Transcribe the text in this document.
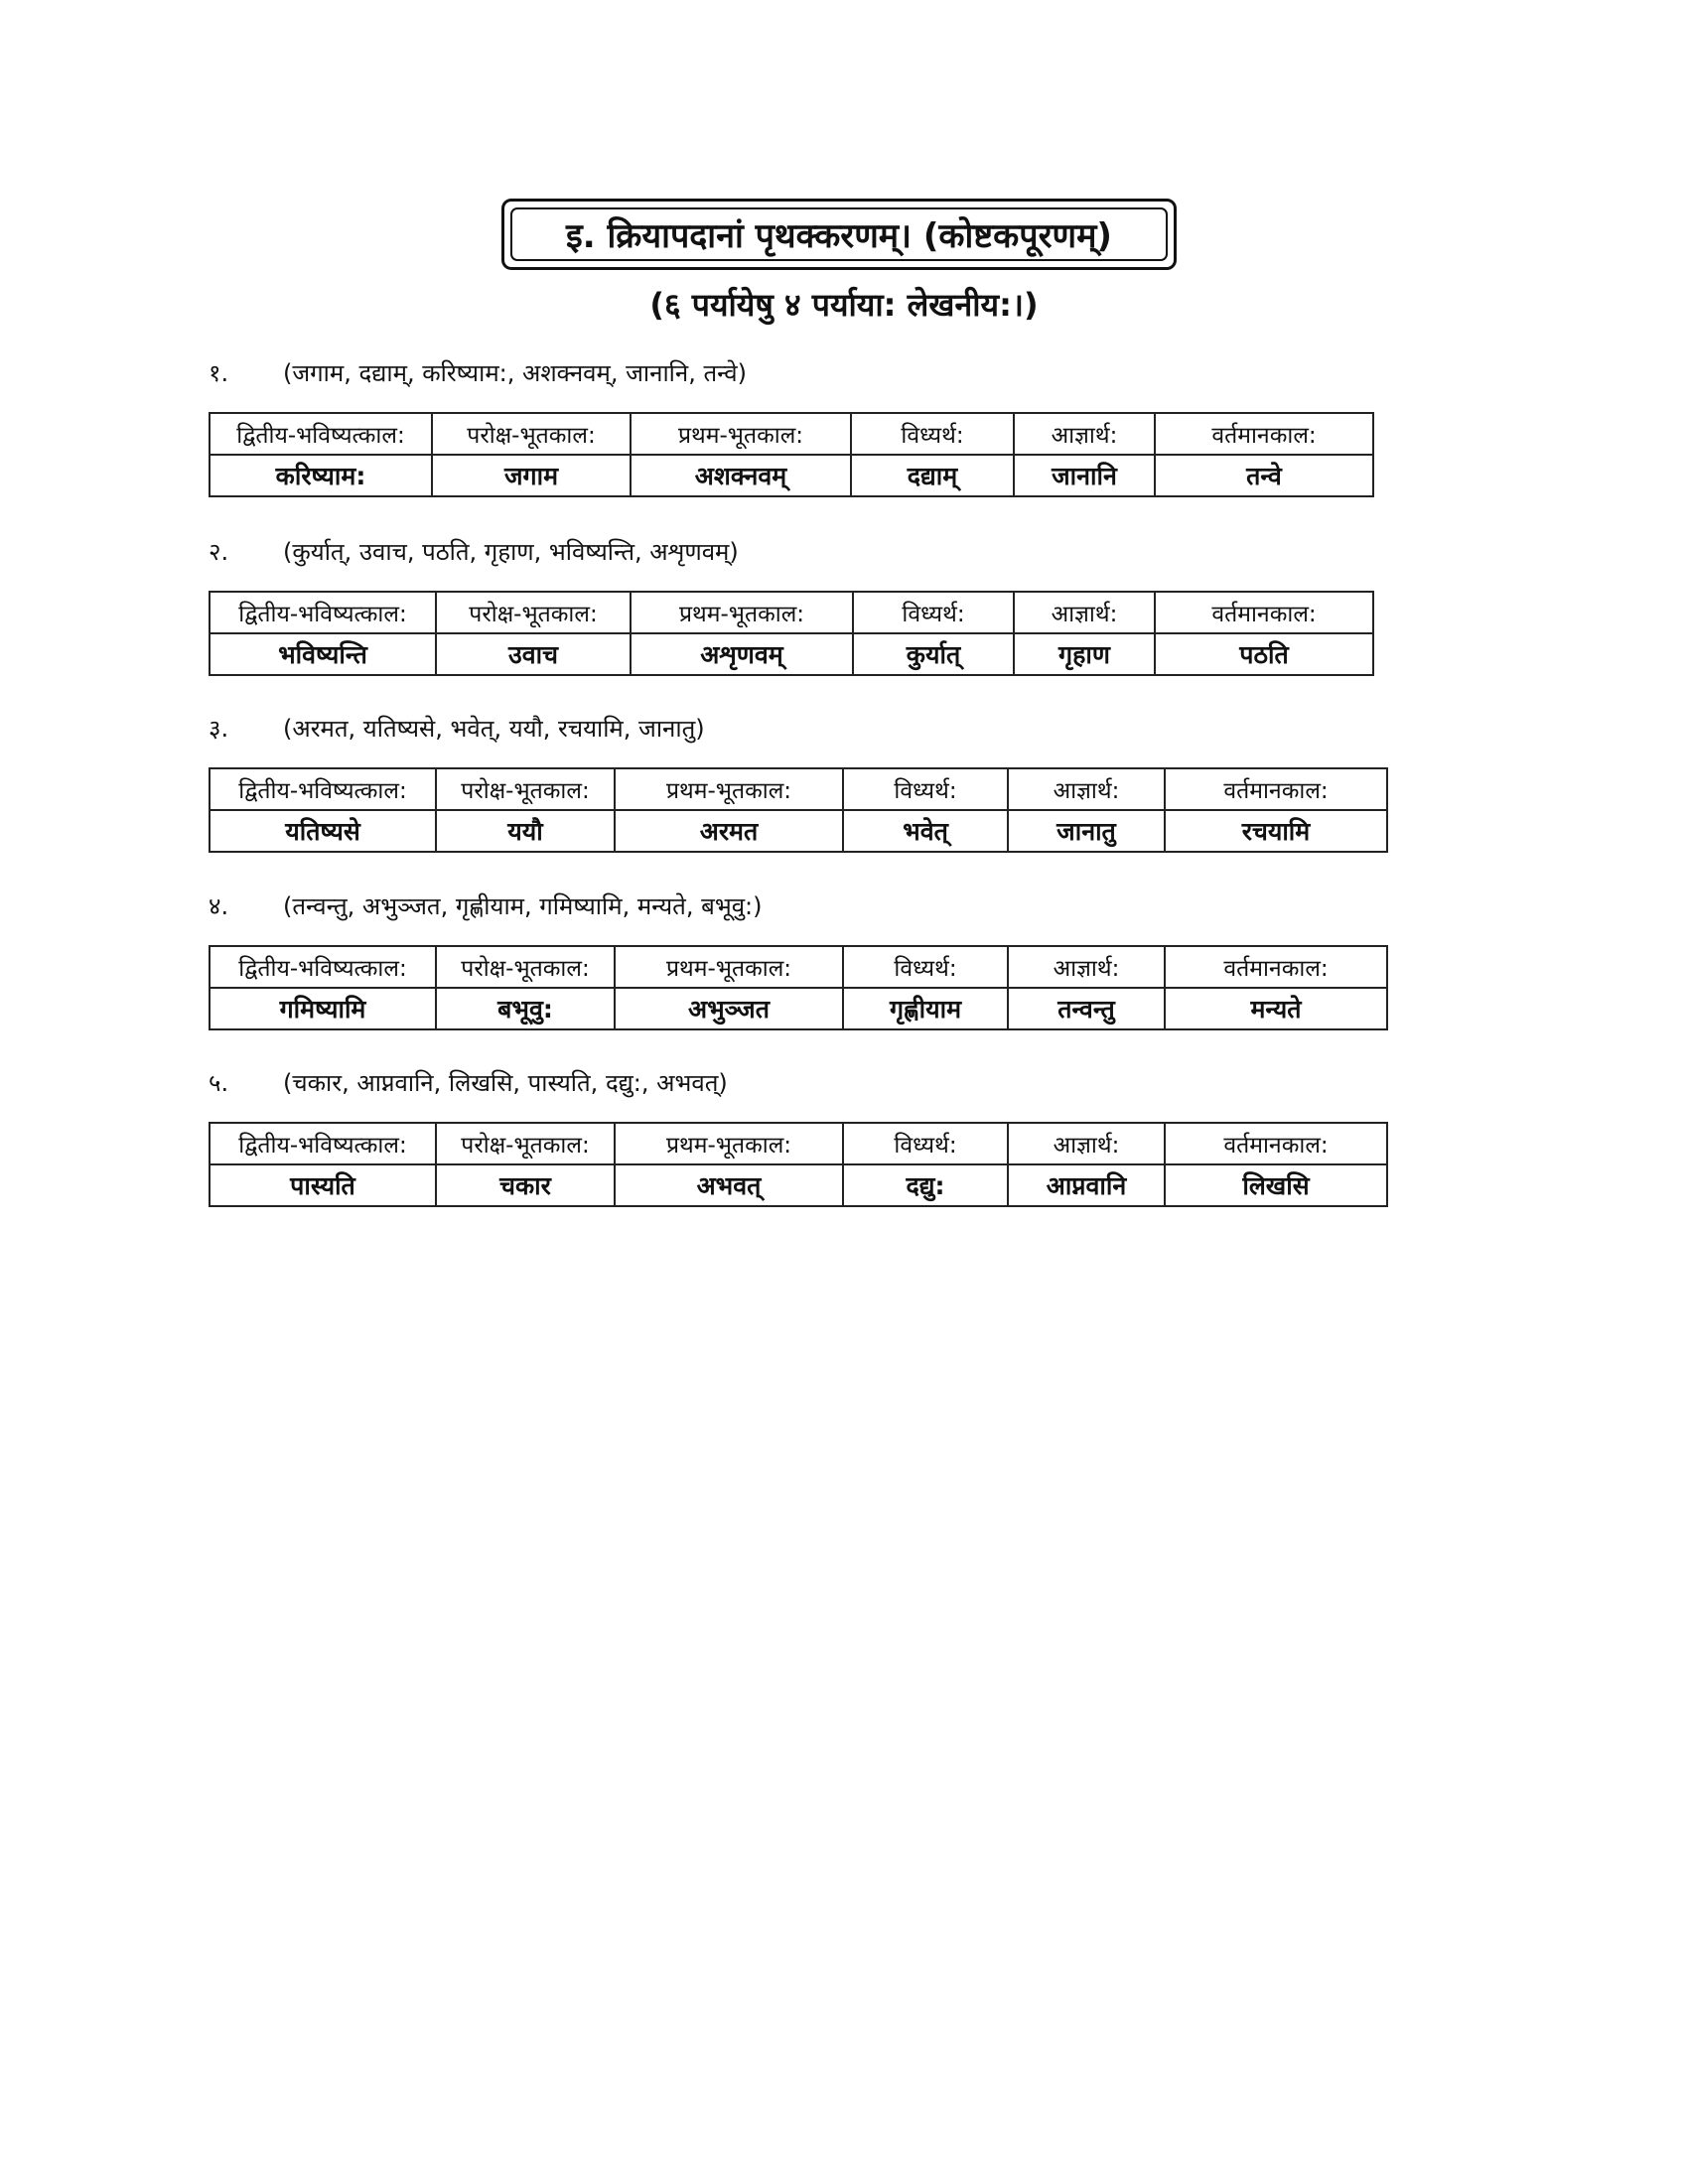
इ. क्रियापदानां पृथक्करणम्। (कोष्टकपूरणम्)
(६ पर्यायेषु ४ पर्याया: लेखनीय:।)
१.	(जगाम, दद्याम्, करिष्याम:, अशक्नवम्, जानानि, तन्वे)
द्वितीय-भविष्यत्काल:	परोक्ष-भूतकाल:	प्रथम-भूतकाल:	विध्यर्थ:	आज्ञार्थ:	वर्तमानकाल:
करिष्याम:	जगाम	अशक्नवम्	दद्याम्	जानानि	तन्वे
२.	(कुर्यात्, उवाच, पठति, गृहाण, भविष्यन्ति, अशृणवम्)
द्वितीय-भविष्यत्काल:	परोक्ष-भूतकाल:	प्रथम-भूतकाल:	विध्यर्थ:	आज्ञार्थ:	वर्तमानकाल:
भविष्यन्ति	उवाच	अशृणवम्	कुर्यात्	गृहाण	पठति
३.	(अरमत, यतिष्यसे, भवेत्, ययौ, रचयामि, जानातु)
द्वितीय-भविष्यत्काल:	परोक्ष-भूतकाल:	प्रथम-भूतकाल:	विध्यर्थ:	आज्ञार्थ:	वर्तमानकाल:
यतिष्यसे	ययौ	अरमत	भवेत्	जानातु	रचयामि
४.	(तन्वन्तु, अभुञ्जत, गृह्णीयाम, गमिष्यामि, मन्यते, बभूवु:)
द्वितीय-भविष्यत्काल:	परोक्ष-भूतकाल:	प्रथम-भूतकाल:	विध्यर्थ:	आज्ञार्थ:	वर्तमानकाल:
गमिष्यामि	बभूवु:	अभुञ्जत	गृह्णीयाम	तन्वन्तु	मन्यते
५.	(चकार, आप्नवानि, लिखसि, पास्यति, दद्यु:, अभवत्)
द्वितीय-भविष्यत्काल:	परोक्ष-भूतकाल:	प्रथम-भूतकाल:	विध्यर्थ:	आज्ञार्थ:	वर्तमानकाल:
पास्यति	चकार	अभवत्	दद्यु:	आप्नवानि	लिखसि
